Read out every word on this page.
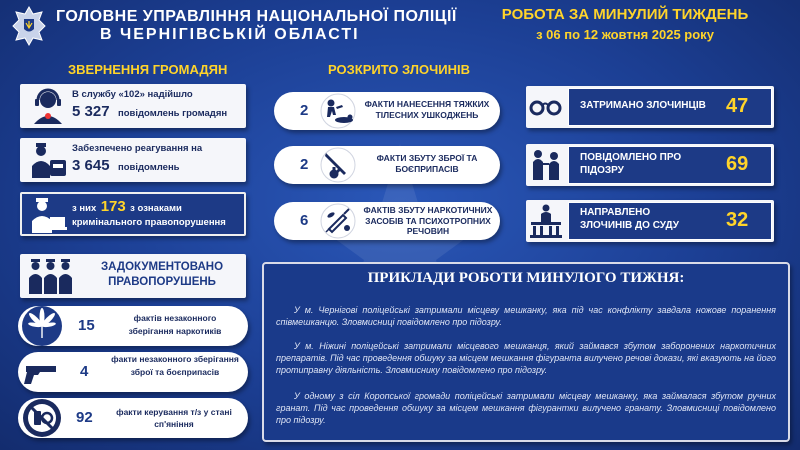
ГОЛОВНЕ УПРАВЛІННЯ НАЦІОНАЛЬНОЇ ПОЛІЦІЇ
В ЧЕРНІГІВСЬКІЙ ОБЛАСТІ
РОБОТА ЗА МИНУЛИЙ ТИЖДЕНЬ
з 06 по 12 жовтня 2025 року
ЗВЕРНЕННЯ ГРОМАДЯН
В службу «102» надійшло
5 327 повідомлень громадян
Забезпечено реагування на
3 645 повідомлень
з них 173 з ознаками
кримінального правопорушення
ЗАДОКУМЕНТОВАНО
ПРАВОПОРУШЕНЬ
15	фактів незаконного зберігання наркотиків
4
факти незаконного зберігання зброї та боєприпасів
92	факти керування т/з у стані сп'яніння
РОЗКРИТО ЗЛОЧИНІВ
2	ФАКТИ НАНЕСЕННЯ ТЯЖКИХ ТІЛЕСНИХ УШКОДЖЕНЬ
2	ФАКТИ ЗБУТУ ЗБРОЇ ТА БОЄПРИПАСІВ
6
ФАКТІВ ЗБУТУ НАРКОТИЧНИХ ЗАСОБІВ ТА ПСИХОТРОПНИХ РЕЧОВИН
ЗАТРИМАНО ЗЛОЧИНЦІВ 47
ПОВІДОМЛЕНО ПРО ПІДОЗРУ	69
НАПРАВЛЕНО ЗЛОЧИНІВ ДО СУДУ	32
ПРИКЛАДИ РОБОТИ МИНУЛОГО ТИЖНЯ:
У м. Чернігові поліцейські затримали місцеву мешканку, яка під час конфлікту завдала ножове поранення співмешканцю. Зловмисниці повідомлено про підозру.
У м. Ніжині поліцейські затримали місцевого мешканця, який займався збутом заборонених наркотичних препаратів. Під час проведення обшуку за місцем мешкання фігуранта вилучено речові докази, які вказують на його протиправну діяльність. Зловмиснику повідомлено про підозру.
У одному з сіл Коропської громади поліцейські затримали місцеву мешканку, яка займалася збутом ручних гранат. Під час проведення обшуку за місцем мешкання фігурантки вилучено гранату. Зловмисниці повідомлено про підозру.
